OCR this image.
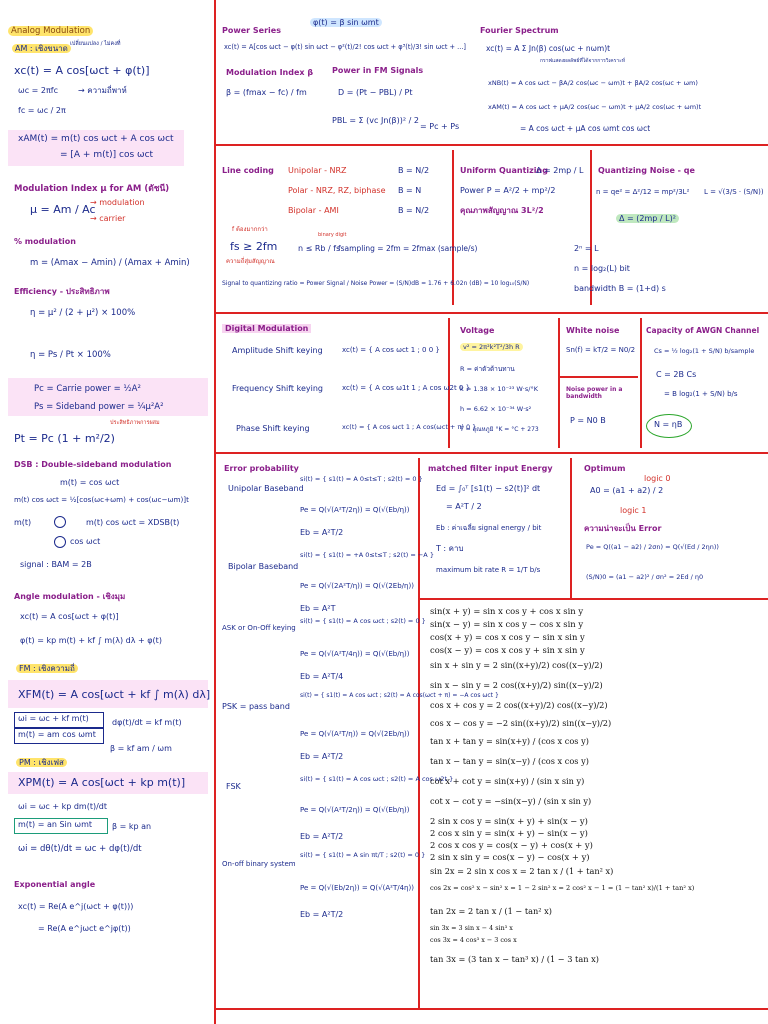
Analog Modulation
AM : เชิงขนาด เปลี่ยนแปลง / ไม่คงที่
xc(t) = A cos[ωct + φ(t)]
ωc = 2πfc → ความถี่พาห์
fc = ωc / 2π
xAM(t) = m(t) cos ωct + A cos ωct
= [A + m(t)] cos ωct
Modulation Index μ for AM (ดัชนี)
μ = Am / Ac
→ modulation
→ carrier
% modulation
m = (Amax − Amin) / (Amax + Amin)
Efficiency - ประสิทธิภาพ
η = μ² / (2 + μ²) × 100%
η = Ps / Pt × 100%
Pc = Carrie power = ½A²
Ps = Sideband power = ¼μ²A²
ประสิทธิภาพการผสม
Pt = Pc (1 + m²/2)
DSB : Double-sideband modulation
m(t) = cos ωct
m(t) cos ωct = ½[cos(ωc+ωm) + cos(ωc−ωm)]t
m(t)	m(t) cos ωct = XDSB(t)
cos ωct
signal : BAM = 2B
Angle modulation - เชิงมุม
xc(t) = A cos[ωct + φ(t)]
φ(t) = kp m(t) + kf ∫ m(λ) dλ + φ(t)
FM : เชิงความถี่
XFM(t) = A cos[ωct + kf ∫ m(λ) dλ]
ωi = ωc + kf m(t)
m(t) = am cos ωmt
dφ(t)/dt = kf m(t)
β = kf am / ωm
PM : เชิงเฟส
XPM(t) = A cos[ωct + kp m(t)]
ωi = ωc + kp dm(t)/dt
m(t) = an Sin ωmt β = kp an
ωi = dθ(t)/dt = ωc + dφ(t)/dt
Exponential angle
xc(t) = Re(A e^j(ωct + φ(t)))
= Re(A e^jωct e^jφ(t))
Power Series
φ(t) = β sin ωmt
xc(t) = A[cos ωct − φ(t) sin ωct − φ²(t)/2! cos ωct + φ³(t)/3! sin ωct + ...]
Modulation Index β
β = (fmax − fc) / fm
Power in FM Signals
D = (Pt − PBL) / Pt
PBL = Σ (vc Jn(β))² / 2
= Pc + Ps
Fourier Spectrum
xc(t) = A Σ Jn(β) cos(ωc + nωm)t
กราฟแสดงผลลัพธ์ที่ได้จากการวิเคราะห์
xNB(t) = A cos ωct − βA/2 cos(ωc − ωm)t + βA/2 cos(ωc + ωm)
xAM(t) = A cos ωct + μA/2 cos(ωc − ωm)t + μA/2 cos(ωc + ωm)t
= A cos ωct + μA cos ωmt cos ωct
Line coding Unipolar - NRZ	B = N/2
Polar - NRZ, RZ, biphase B = N
Bipolar - AMI	B = N/2
Uniform Quantizing
Δ = 2mp / L
Power P = A²/2 + mp²/2
คุณภาพสัญญาณ 3L²/2
Quantizing Noise - qe
n = qe² = Δ²/12 = mp²/3L² L = √(3/S · (S/N))
Δ = (2mp / L)²
f ต้องมากกว่า
fs ≥ 2fm
ความถี่สุ่มสัญญาณ
n ≤ Rb / fs
binary digit
fsampling = 2fm = 2fmax (sample/s)	2ⁿ = L
n = log₂(L) bit
Signal to quantizing ratio = Power Signal / Noise Power = (S/N)dB = 1.76 + 6.02n (dB) = 10 log₁₀(S/N)
bandwidth B = (1+d) s
Digital Modulation
Amplitude Shift keying	xc(t) = { A cos ωct 1 ; 0 0 }
Frequency Shift keying	xc(t) = { A cos ω1t 1 ; A cos ω2t 0 }
Phase Shift keying	xc(t) = { A cos ωct 1 ; A cos(ωct + π) 0 }
Voltage
v² = 2π²k²T²/3h R
R = ค่าตัวต้านทาน
k = 1.38 × 10⁻²³ W·s/°K
h = 6.62 × 10⁻³⁴ W·s²
T = อุณหภูมิ °K = °C + 273
White noise
Sn(f) = kT/2 = N0/2
Noise power in a bandwidth
P = N0 B
Capacity of AWGN Channel
Cs = ½ log₂(1 + S/N) b/sample
C = 2B Cs
= B log₂(1 + S/N) b/s
N = ηB
Error probability
Unipolar Baseband
si(t) = { s1(t) = A 0≤t≤T ; s2(t) = 0 }
Pe = Q(√(A²T/2η)) = Q(√(Eb/η))
Eb = A²T/2
Bipolar Baseband
si(t) = { s1(t) = +A 0≤t≤T ; s2(t) = −A }
Pe = Q(√(2A²T/η)) = Q(√(2Eb/η))
Eb = A²T
ASK or On-Off keying
si(t) = { s1(t) = A cos ωct ; s2(t) = 0 }
Pe = Q(√(A²T/4η)) = Q(√(Eb/η))
Eb = A²T/4
PSK = pass band
si(t) = { s1(t) = A cos ωct ; s2(t) = A cos(ωct + π) = −A cos ωct }
Pe = Q(√(A²T/η)) = Q(√(2Eb/η))
Eb = A²T/2
FSK
si(t) = { s1(t) = A cos ωct ; s2(t) = A cos ω2t }
Pe = Q(√(A²T/2η)) = Q(√(Eb/η))
Eb = A²T/2
On-off binary system
si(t) = { s1(t) = A sin πt/T ; s2(t) = 0 }
Pe = Q(√(Eb/2η)) = Q(√(A²T/4η))
Eb = A²T/2
matched filter input Energy
Ed = ∫₀ᵀ [s1(t) − s2(t)]² dt
= A²T / 2
Eb : ค่าเฉลี่ย signal energy / bit
T : คาบ
maximum bit rate R = 1/T b/s
Optimum
A0 = (a1 + a2) / 2
logic 0
logic 1
ความน่าจะเป็น Error
Pe = Q((a1 − a2) / 2σn) = Q(√(Ed / 2ηn))
(S/N)0 = (a1 − a2)² / σn² = 2Ed / η0
sin(x + y) = sin x cos y + cos x sin y
sin(x − y) = sin x cos y − cos x sin y
cos(x + y) = cos x cos y − sin x sin y
cos(x − y) = cos x cos y + sin x sin y
sin x + sin y = 2 sin((x+y)/2) cos((x−y)/2)
sin x − sin y = 2 cos((x+y)/2) sin((x−y)/2)
cos x + cos y = 2 cos((x+y)/2) cos((x−y)/2)
cos x − cos y = −2 sin((x+y)/2) sin((x−y)/2)
tan x + tan y = sin(x+y) / (cos x cos y)
tan x − tan y = sin(x−y) / (cos x cos y)
cot x + cot y = sin(x+y) / (sin x sin y)
cot x − cot y = −sin(x−y) / (sin x sin y)
2 sin x cos y = sin(x + y) + sin(x − y)
2 cos x sin y = sin(x + y) − sin(x − y)
2 cos x cos y = cos(x − y) + cos(x + y)
2 sin x sin y = cos(x − y) − cos(x + y)
sin 2x = 2 sin x cos x = 2 tan x / (1 + tan² x)
cos 2x = cos² x − sin² x = 1 − 2 sin² x = 2 cos² x − 1 = (1 − tan² x)/(1 + tan² x)
tan 2x = 2 tan x / (1 − tan² x)
sin 3x = 3 sin x − 4 sin³ x
cos 3x = 4 cos³ x − 3 cos x
tan 3x = (3 tan x − tan³ x) / (1 − 3 tan x)
